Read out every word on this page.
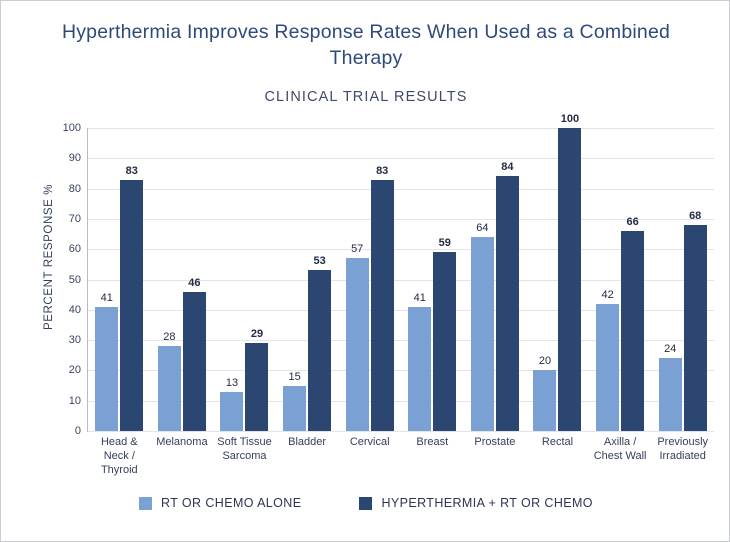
Hyperthermia Improves Response Rates When Used as a Combined Therapy
CLINICAL TRIAL RESULTS
PERCENT RESPONSE %
0
10
20
30
40
50
60
70
80
90
100
Head &
Neck /
Thyroid
41
83
Melanoma
28
46
Soft Tissue
Sarcoma
13
29
Bladder
15
53
Cervical
57
83
Breast
41
59
Prostate
64
84
Rectal
20
100
Axilla /
Chest Wall
42
66
Previously
Irradiated
24
68
RT OR CHEMO ALONE	HYPERTHERMIA + RT OR CHEMO
